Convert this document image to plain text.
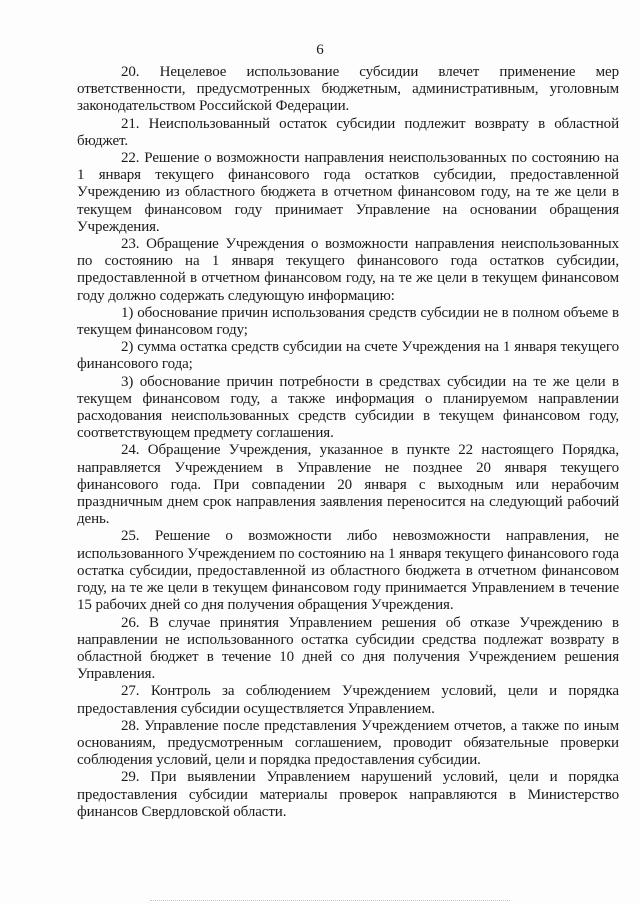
6

20. Нецелевое использование субсидии влечет применение мер ответственности, предусмотренных бюджетным, административным, уголовным законодательством Российской Федерации.

21. Неиспользованный остаток субсидии подлежит возврату в областной бюджет.

22. Решение о возможности направления неиспользованных по состоянию на 1 января текущего финансового года остатков субсидии, предоставленной Учреждению из областного бюджета в отчетном финансовом году, на те же цели в текущем финансовом году принимает Управление на основании обращения Учреждения.

23. Обращение Учреждения о возможности направления неиспользованных по состоянию на 1 января текущего финансового года остатков субсидии, предоставленной в отчетном финансовом году, на те же цели в текущем финансовом году должно содержать следующую информацию:

1) обоснование причин использования средств субсидии не в полном объеме в текущем финансовом году;

2) сумма остатка средств субсидии на счете Учреждения на 1 января текущего финансового года;

3) обоснование причин потребности в средствах субсидии на те же цели в текущем финансовом году, а также информация о планируемом направлении расходования неиспользованных средств субсидии в текущем финансовом году, соответствующем предмету соглашения.

24. Обращение Учреждения, указанное в пункте 22 настоящего Порядка, направляется Учреждением в Управление не позднее 20 января текущего финансового года. При совпадении 20 января с выходным или нерабочим праздничным днем срок направления заявления переносится на следующий рабочий день.

25. Решение о возможности либо невозможности направления, не использованного Учреждением по состоянию на 1 января текущего финансового года остатка субсидии, предоставленной из областного бюджета в отчетном финансовом году, на те же цели в текущем финансовом году принимается Управлением в течение 15 рабочих дней со дня получения обращения Учреждения.

26. В случае принятия Управлением решения об отказе Учреждению в направлении не использованного остатка субсидии средства подлежат возврату в областной бюджет в течение 10 дней со дня получения Учреждением решения Управления.

27. Контроль за соблюдением Учреждением условий, цели и порядка предоставления субсидии осуществляется Управлением.

28. Управление после представления Учреждением отчетов, а также по иным основаниям, предусмотренным соглашением, проводит обязательные проверки соблюдения условий, цели и порядка предоставления субсидии.

29. При выявлении Управлением нарушений условий, цели и порядка предоставления субсидии материалы проверок направляются в Министерство финансов Свердловской области.
